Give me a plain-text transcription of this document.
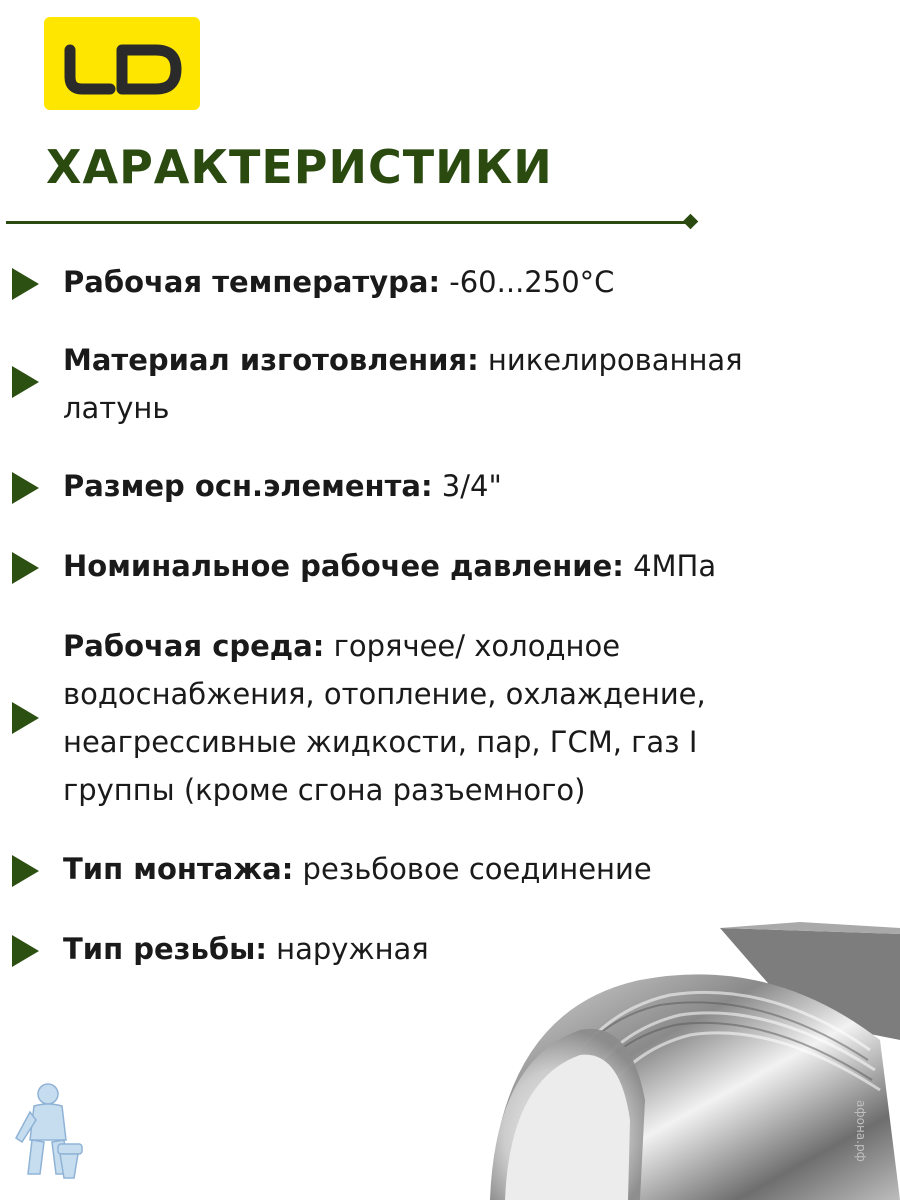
ХАРАКТЕРИСТИКИ
Рабочая температура: -60...250°C
Материал изготовления: никелированная латунь
Размер осн.элемента: 3/4"
Номинальное рабочее давление: 4МПа
Рабочая среда: горячее/ холодное водоснабжения, отопление, охлаждение, неагрессивные жидкости, пар, ГСМ, газ I группы (кроме сгона разъемного)
Тип монтажа: резьбовое соединение
Тип резьбы: наружная
афона.рф
